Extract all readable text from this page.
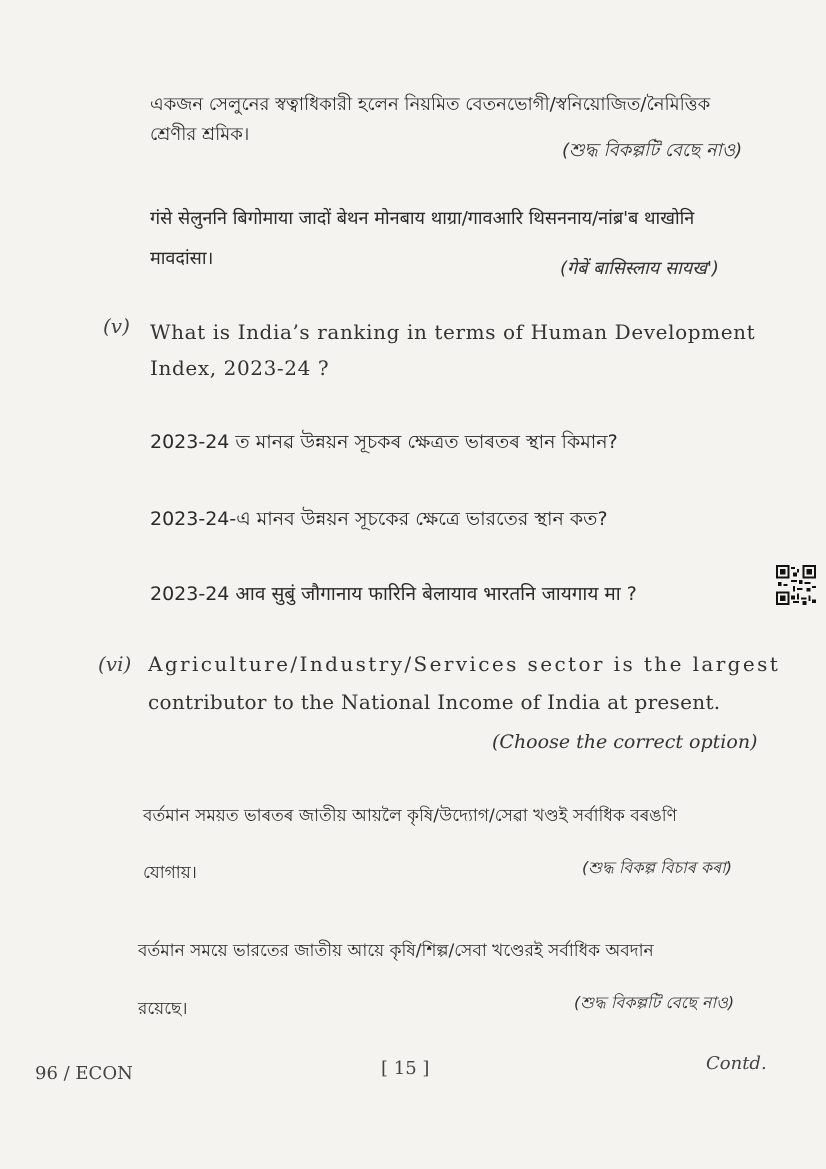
একজন সেলুনের স্বত্বাধিকারী হলেন নিয়মিত বেতনভোগী/স্বনিয়োজিত/নৈমিত্তিক
শ্রেণীর শ্রমিক।
(শুদ্ধ বিকল্পটি বেছে নাও)
गंसे सेलुननि बिगोमाया जादों बेथन मोनबाय थाग्रा/गावआरि थिसननाय/नांब्र'ब थाखोनि
मावदांसा।	(गेबें बासिस्लाय सायख')
(v) What is India’s ranking in terms of Human Development
Index, 2023-24 ?
2023-24 ত মানৱ উন্নয়ন সূচকৰ ক্ষেত্ৰত ভাৰতৰ স্থান কিমান?
2023-24-এ মানব উন্নয়ন সূচকের ক্ষেত্রে ভারতের স্থান কত?
2023-24 आव सुबुं जौगानाय फारिनि बेलायाव भारतनि जायगाय मा ?
(vi) Agriculture/Industry/Services sector is the largest
contributor to the National Income of India at present.
(Choose the correct option)
বৰ্তমান সময়ত ভাৰতৰ জাতীয় আয়লৈ কৃষি/উদ্যোগ/সেৱা খণ্ডই সৰ্বাধিক বৰঙণি
যোগায়।	(শুদ্ধ বিকল্প বিচাৰ কৰা)
বর্তমান সময়ে ভারতের জাতীয় আয়ে কৃষি/শিল্প/সেবা খণ্ডেরই সর্বাধিক অবদান
রয়েছে।	(শুদ্ধ বিকল্পটি বেছে নাও)
96 / ECON	[ 15 ]	Contd.
